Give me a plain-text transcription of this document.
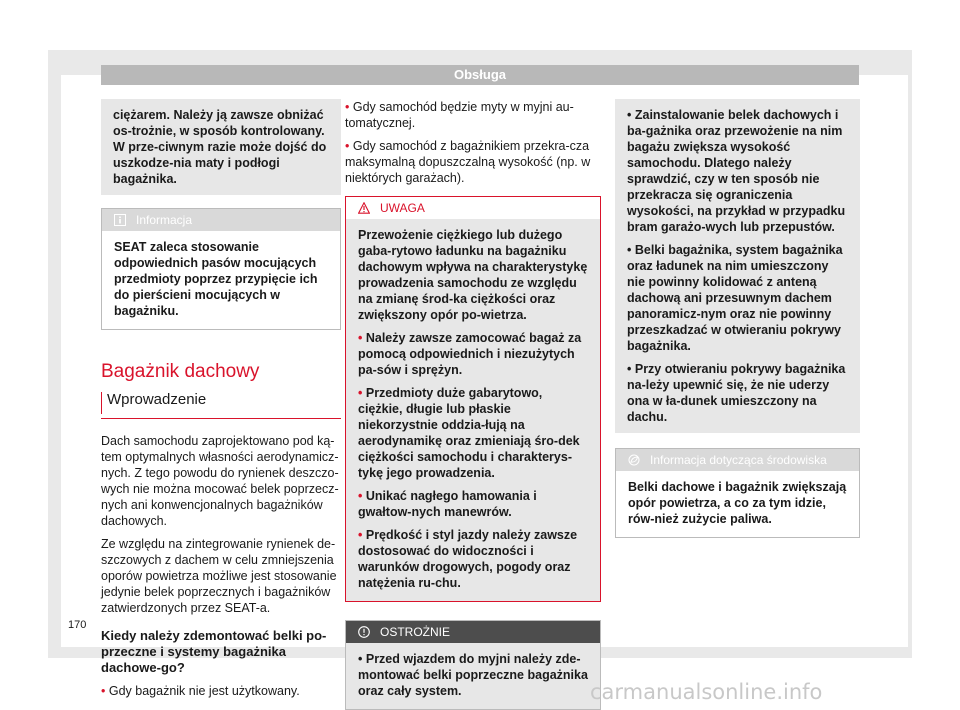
Obsługa
ciężarem. Należy ją zawsze obniżać os-trożnie, w sposób kontrolowany. W prze-ciwnym razie może dojść do uszkodze-nia maty i podłogi bagażnika.
Informacja
SEAT zaleca stosowanie odpowiednich pasów mocujących przedmioty poprzez przypięcie ich do pierścieni mocujących w bagażniku.
Bagażnik dachowy
Wprowadzenie

Dach samochodu zaprojektowano pod ką-tem optymalnych własności aerodynamicz-nych. Z tego powodu do rynienek deszczo-wych nie można mocować belek poprzecz-nych ani konwencjonalnych bagażników dachowych.

Ze względu na zintegrowanie rynienek de-szczowych z dachem w celu zmniejszenia oporów powietrza możliwe jest stosowanie jedynie belek poprzecznych i bagażników zatwierdzonych przez SEAT-a.

Kiedy należy zdemontować belki po-przeczne i systemy bagażnika dachowe-go?

• Gdy bagażnik nie jest użytkowany.

• Gdy samochód będzie myty w myjni au-tomatycznej.

• Gdy samochód z bagażnikiem przekra-cza maksymalną dopuszczalną wysokość (np. w niektórych garażach).

UWAGA

Przewożenie ciężkiego lub dużego gaba-rytowo ładunku na bagażniku dachowym wpływa na charakterystykę prowadzenia samochodu ze względu na zmianę środ-ka ciężkości oraz zwiększony opór po-wietrza.

• Należy zawsze zamocować bagaż za pomocą odpowiednich i niezużytych pa-sów i sprężyn.

• Przedmioty duże gabarytowo, ciężkie, długie lub płaskie niekorzystnie oddzia-łują na aerodynamikę oraz zmieniają śro-dek ciężkości samochodu i charakterys-tykę jego prowadzenia.

• Unikać nagłego hamowania i gwałtow-nych manewrów.

• Prędkość i styl jazdy należy zawsze dostosować do widoczności i warunków drogowych, pogody oraz natężenia ru-chu.

OSTROŻNIE
• Przed wjazdem do myjni należy zde-montować belki poprzeczne bagażnika oraz cały system.

• Zainstalowanie belek dachowych i ba-gażnika oraz przewożenie na nim bagażu zwiększa wysokość samochodu. Dlatego należy sprawdzić, czy w ten sposób nie przekracza się ograniczenia wysokości, na przykład w przypadku bram garażo-wych lub przepustów.

• Belki bagażnika, system bagażnika oraz ładunek na nim umieszczony nie powinny kolidować z anteną dachową ani przesuwnym dachem panoramicz-nym oraz nie powinny przeszkadzać w otwieraniu pokrywy bagażnika.

• Przy otwieraniu pokrywy bagażnika na-leży upewnić się, że nie uderzy ona w ła-dunek umieszczony na dachu.

Informacja dotycząca środowiska
Belki dachowe i bagażnik zwiększają opór powietrza, a co za tym idzie, rów-nież zużycie paliwa.
170
carmanualsonline.info
